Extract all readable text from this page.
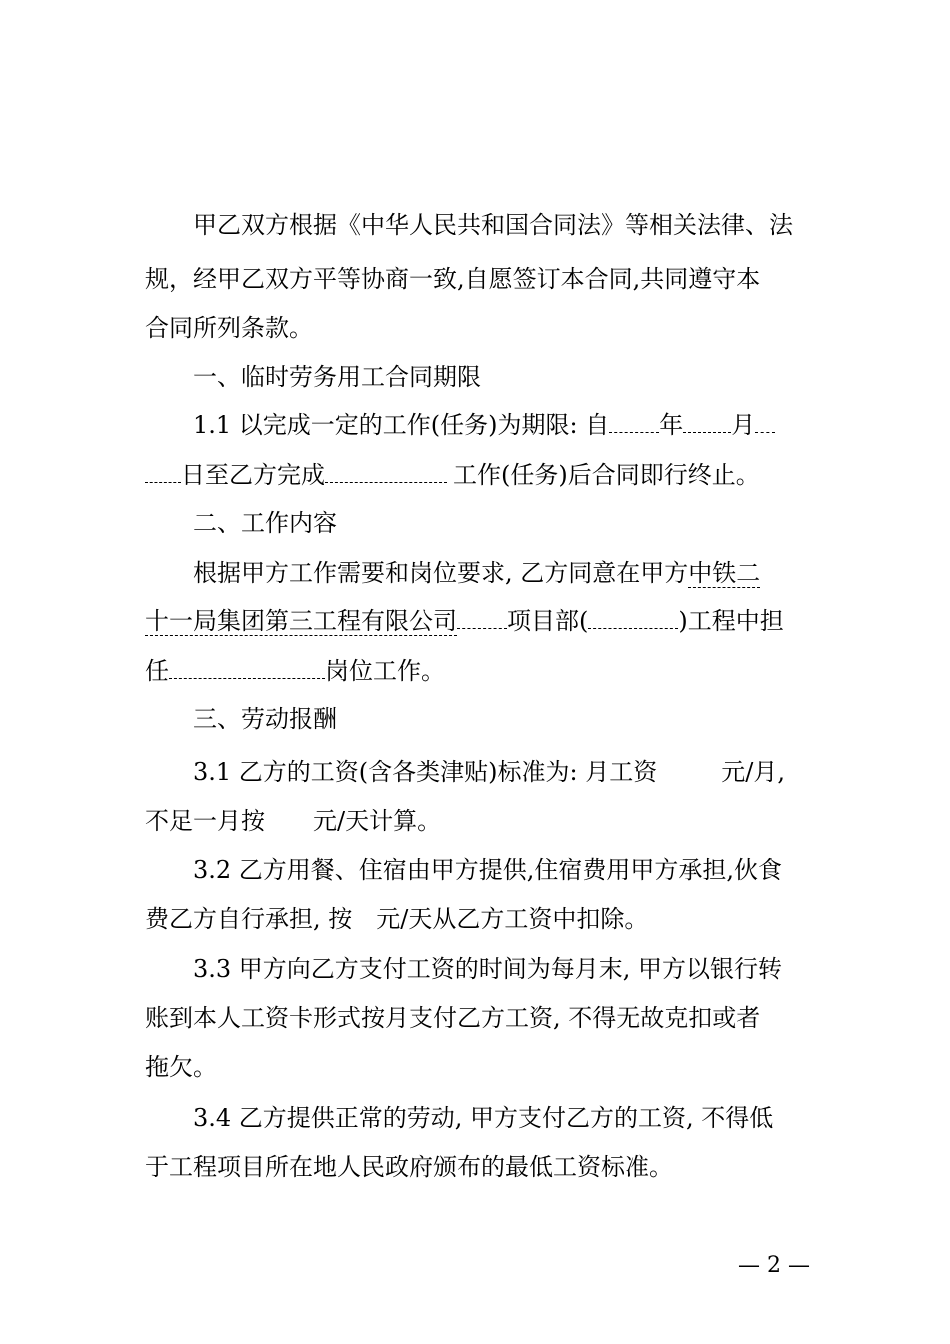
甲乙双方根据《中华人民共和国合同法》等相关法律、法
规，经甲乙双方平等协商一致,自愿签订本合同,共同遵守本
合同所列条款。
一、临时劳务用工合同期限
1.1 以完成一定的工作(任务)为期限: 自 年 月
日至乙方完成	工作(任务)后合同即行终止。
二、工作内容
根据甲方工作需要和岗位要求, 乙方同意在甲方中铁二
十一局集团第三工程有限公司 项目部(	)工程中担
任	岗位工作。
三、劳动报酬
3.1 乙方的工资(含各类津贴)标准为: 月工资	元/月,
不足一月按 元/天计算。
3.2 乙方用餐、住宿由甲方提供,住宿费用甲方承担,伙食
费乙方自行承担, 按 元/天从乙方工资中扣除。
3.3 甲方向乙方支付工资的时间为每月末, 甲方以银行转
账到本人工资卡形式按月支付乙方工资, 不得无故克扣或者
拖欠。
3.4 乙方提供正常的劳动, 甲方支付乙方的工资, 不得低
于工程项目所在地人民政府颁布的最低工资标准。
— 2 —
